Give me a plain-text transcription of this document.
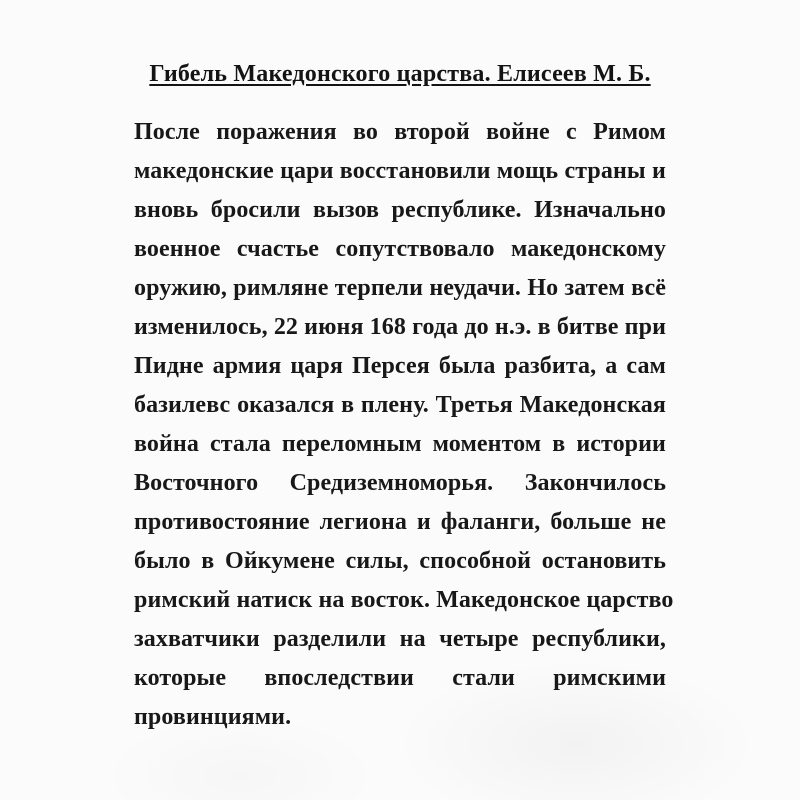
Гибель Македонского царства. Елисеев М. Б.
После поражения во второй войне с Римом
македонские цари восстановили мощь страны и
вновь бросили вызов республике. Изначально
военное счастье сопутствовало македонскому
оружию, римляне терпели неудачи. Но затем всё
изменилось, 22 июня 168 года до н.э. в битве при
Пидне армия царя Персея была разбита, а сам
базилевс оказался в плену. Третья Македонская
война стала переломным моментом в истории
Восточного Средиземноморья. Закончилось
противостояние легиона и фаланги, больше не
было в Ойкумене силы, способной остановить
римский натиск на восток. Македонское царство
захватчики разделили на четыре республики,
которые впоследствии стали римскими
провинциями.
